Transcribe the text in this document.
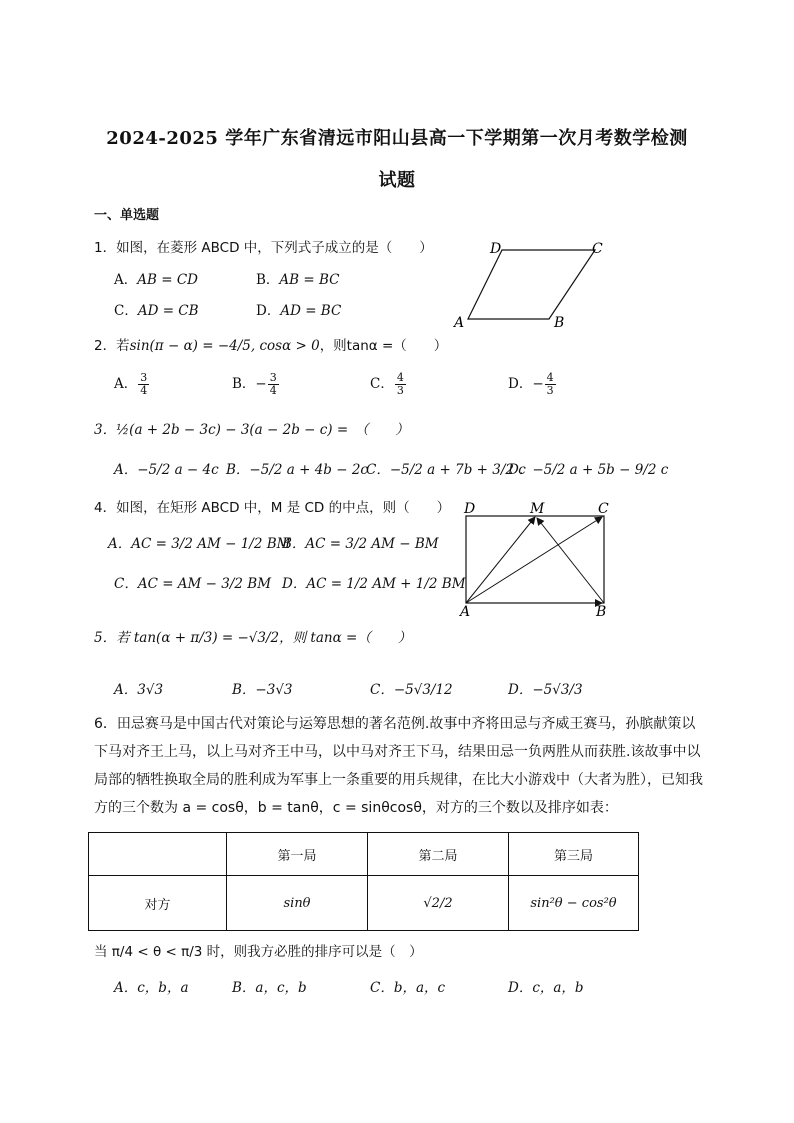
2024-2025 学年广东省清远市阳山县高一下学期第一次月考数学检测
试题
一、单选题
1．如图，在菱形 ABCD 中，下列式子成立的是（　　）
A．AB = CD	B．AB = BC
C．AD = CB	D．AD = BC
D	C
A	B
2．若sin(π − α) = −4/5, cosα > 0，则tanα =（　　）
A． $\frac{3}{4}$	B．− $\frac{3}{4}$	C． $\frac{4}{3}$	D．− $\frac{4}{3}$
3．½(a + 2b − 3c) − 3(a − 2b − c) =　（　　）
A．−5/2 a − 4c B．−5/2 a + 4b − 2c
C．−5/2 a + 7b + 3/2 c
D．−5/2 a + 5b − 9/2 c
4．如图，在矩形 ABCD 中，M 是 CD 的中点，则（　　）
A．AC = 3/2 AM − 1/2 BM
B．AC = 3/2 AM − BM
C．AC = AM − 3/2 BM D．AC = 1/2 AM + 1/2 BM
D	M	C
A	B
5．若 tan(α + π/3) = −√3/2，则 tanα =（　　）
A．3√3	B．−3√3	C．−5√3/12	D．−5√3/3
6．田忌赛马是中国古代对策论与运筹思想的著名范例.故事中齐将田忌与齐威王赛马，孙膑献策以下马对齐王上马，以上马对齐王中马，以中马对齐王下马，结果田忌一负两胜从而获胜.该故事中以局部的牺牲换取全局的胜利成为军事上一条重要的用兵规律，在比大小游戏中（大者为胜），已知我方的三个数为 a = cosθ，b = tanθ，c = sinθcosθ，对方的三个数以及排序如表：
	第一局	第二局	第三局
对方	sinθ	√2/2	sin²θ − cos²θ
当 π/4 < θ < π/3 时，则我方必胜的排序可以是（　）
A．c，b，a	B．a，c，b	C．b，a，c	D．c，a，b
